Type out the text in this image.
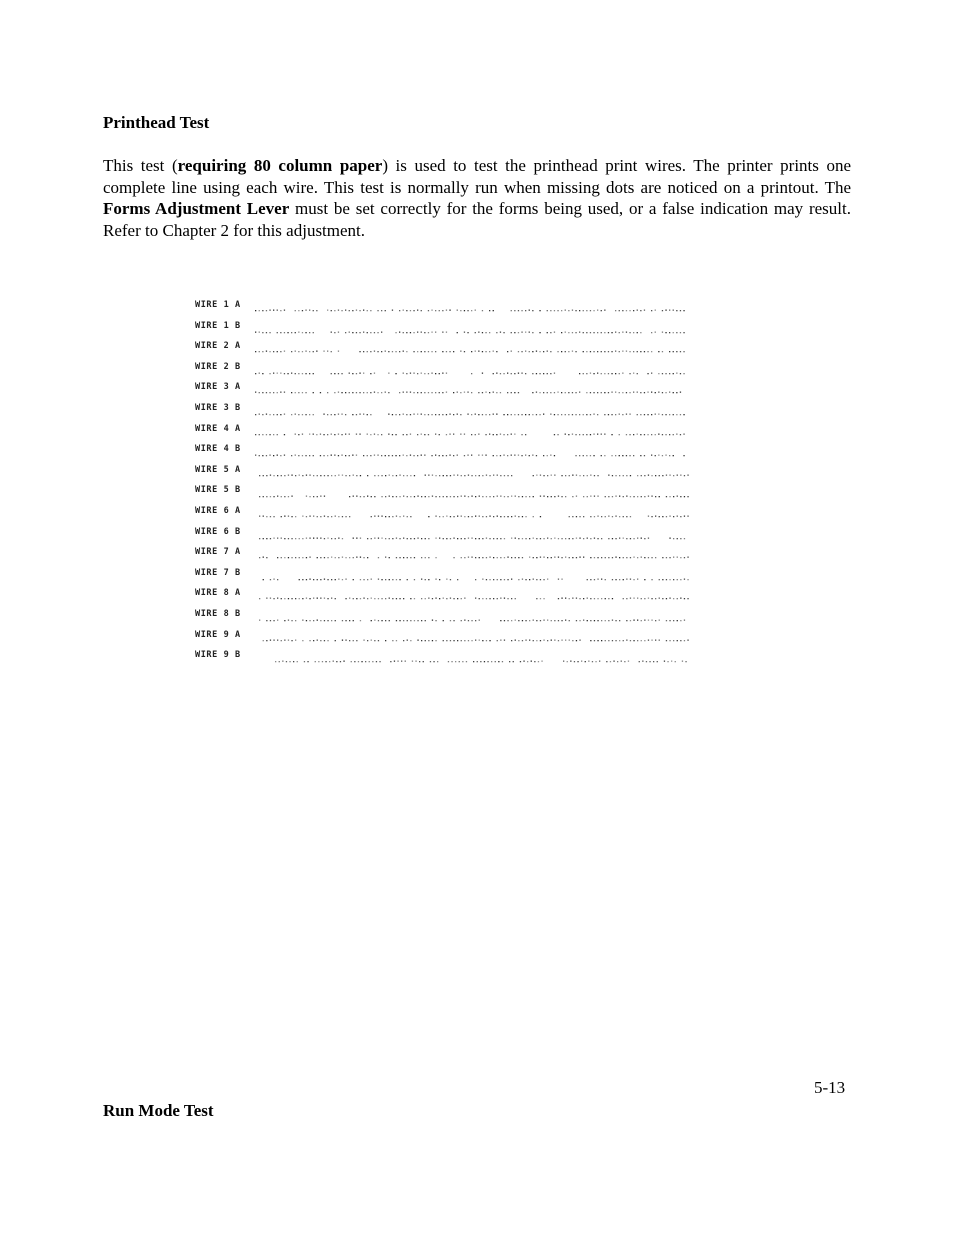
Printhead Test

This test (requiring 80 column paper) is used to test the printhead print wires. The printer prints one complete line using each wire. This test is normally run when missing dots are noticed on a printout. The Forms Adjustment Lever must be set correctly for the forms being used, or a false indication may result. Refer to Chapter 2 for this adjustment.

WIRE 1 A
WIRE 1 B
WIRE 2 A
WIRE 2 B
WIRE 3 A
WIRE 3 B
WIRE 4 A
WIRE 4 B
WIRE 5 A
WIRE 5 B
WIRE 6 A
WIRE 6 B
WIRE 7 A
WIRE 7 B
WIRE 8 A
WIRE 8 B
WIRE 9 A
WIRE 9 B

5-13

Run Mode Test
